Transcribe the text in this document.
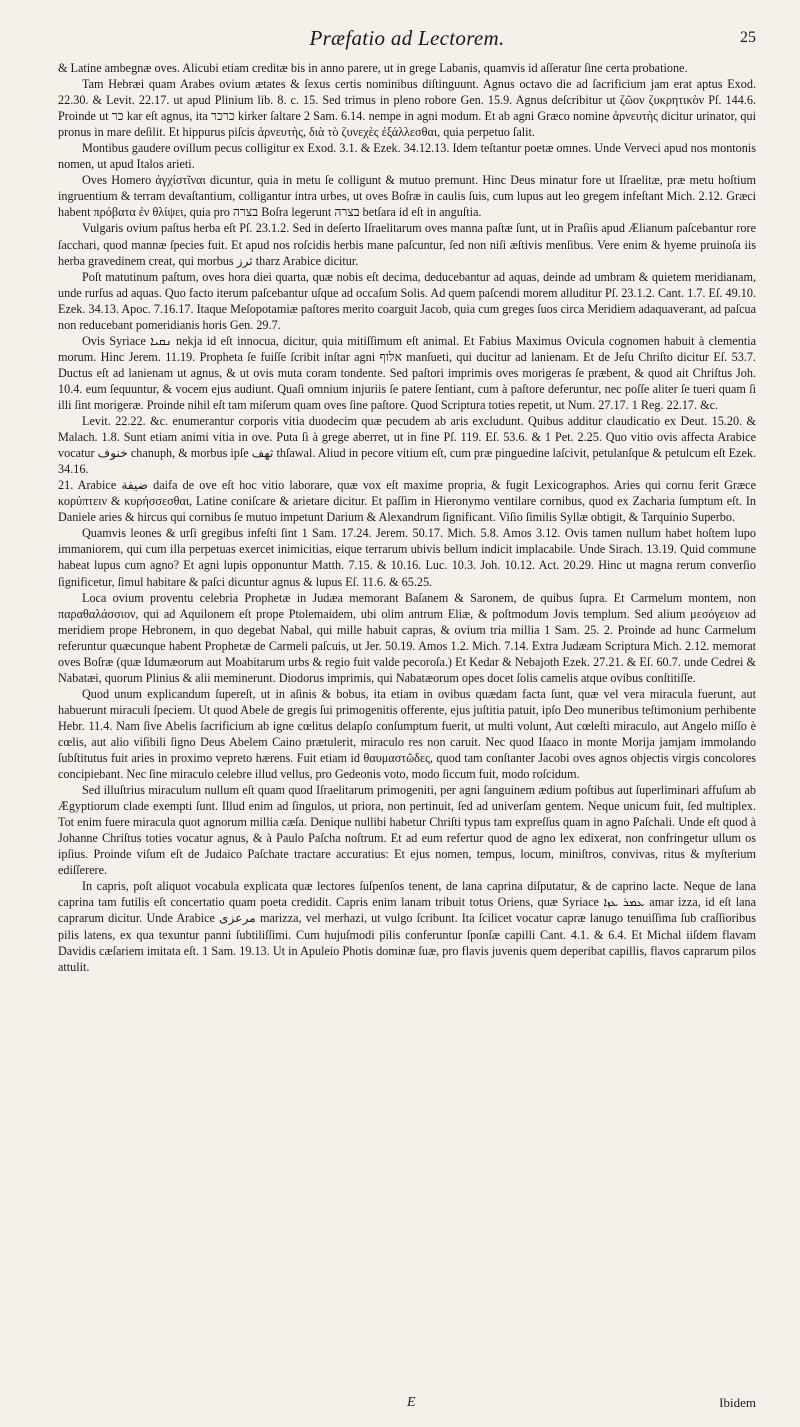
Præfatio ad Lectorem.	25

& Latine ambegnæ oves. Alicubi etiam creditæ bis in anno parere, ut in grege Labanis, quamvis id aſſeratur ſine certa probatione.

Tam Hebræi quam Arabes ovium ætates & ſexus certis nominibus diſtinguunt. Agnus octavo die ad ſacrificium jam erat aptus Exod. 22.30. & Levit. 22.17. ut apud Plinium lib. 8. c. 15. Sed trimus in pleno robore Gen. 15.9. Agnus deſcribitur ut ζῶον ζυκρητικὸν Pſ. 144.6. Proinde ut כר kar eſt agnus, ita כרכר kirker ſaltare 2 Sam. 6.14. nempe in agni modum. Et ab agni Græco nomine ἀρνευτὴς dicitur urinator, qui pronus in mare deſilit. Et hippurus piſcis ἀρνευτὴς, διὰ τὸ ζυνεχὲς ἐξάλλεσθαι, quia perpetuo ſalit.

Montibus gaudere ovillum pecus colligitur ex Exod. 3.1. & Ezek. 34.12.13. Idem teſtantur poetæ omnes. Unde Verveci apud nos montonis nomen, ut apud Italos arieti.

Oves Homero ἀγχίστῖναι dicuntur, quia in metu ſe colligunt & mutuo premunt. Hinc Deus minatur fore ut Iſraelitæ, præ metu hoſtium ingruentium & terram devaſtantium, colligantur intra urbes, ut oves Boſræ in caulis ſuis, cum lupus aut leo gregem infeſtant Mich. 2.12. Græci habent πρόβατα ἐν θλίψει, quia pro בצרה Boſra legerunt בצרה betſara id eſt in anguſtia.

Vulgaris ovium paſtus herba eſt Pſ. 23.1.2. Sed in deſerto Iſraelitarum oves manna paſtæ ſunt, ut in Praſiis apud Ælianum paſcebantur rore ſacchari, quod mannæ ſpecies fuit. Et apud nos roſcidis herbis mane paſcuntur, ſed non niſi æſtivis menſibus. Vere enim & hyeme pruinoſa iis herba gravedinem creat, qui morbus ثرز tharz Arabice dicitur.

Poſt matutinum paſtum, oves hora diei quarta, quæ nobis eſt decima, deducebantur ad aquas, deinde ad umbram & quietem meridianam, unde rurſus ad aquas. Quo facto iterum paſcebantur uſque ad occaſum Solis. Ad quem paſcendi morem alluditur Pſ. 23.1.2. Cant. 1.7. Eſ. 49.10. Ezek. 34.13. Apoc. 7.16.17. Itaque Meſopotamiæ paſtores merito coarguit Jacob, quia cum greges ſuos circa Meridiem adaquaverant, ad paſcua non reducebant pomeridianis horis Gen. 29.7.

Ovis Syriace ܢܩܝܐ nekja id eſt innocua, dicitur, quia mitiſſimum eſt animal. Et Fabius Maximus Ovicula cognomen habuit à clementia morum. Hinc Jerem. 11.19. Propheta ſe fuiſſe ſcribit inſtar agni אלוף manſueti, qui ducitur ad lanienam. Et de Jeſu Chriſto dicitur Eſ. 53.7. Ductus eſt ad lanienam ut agnus, & ut ovis muta coram tondente. Sed paſtori imprimis oves morigeras ſe præbent, & quod ait Chriſtus Joh. 10.4. eum ſequuntur, & vocem ejus audiunt. Quaſi omnium injuriis ſe patere ſentiant, cum à paſtore deferuntur, nec poſſe aliter ſe tueri quam ſi illi ſint morigeræ. Proinde nihil eſt tam miſerum quam oves ſine paſtore. Quod Scriptura toties repetit, ut Num. 27.17. 1 Reg. 22.17. &c.

Levit. 22.22. &c. enumerantur corporis vitia duodecim quæ pecudem ab aris excludunt. Quibus additur claudicatio ex Deut. 15.20. & Malach. 1.8. Sunt etiam animi vitia in ove. Puta ſi à grege aberret, ut in fine Pſ. 119. Eſ. 53.6. & 1 Pet. 2.25. Quo vitio ovis affecta Arabice vocatur خنوف chanuph, & morbus ipſe ثهف thſawal. Aliud in pecore vitium eſt, cum præ pinguedine laſcivit, petulanſque & petulcum eſt Ezek. 34.16.

21. Arabice ضيفة daifa de ove eſt hoc vitio laborare, quæ vox eſt maxime propria, & fugit Lexicographos. Aries qui cornu ferit Græce κορύπτειν & κυρήσσεσθαι, Latine coniſcare & arietare dicitur. Et paſſim in Hieronymo ventilare cornibus, quod ex Zacharia ſumptum eſt. In Daniele aries & hircus qui cornibus ſe mutuo impetunt Darium & Alexandrum ſignificant. Viſio ſimilis Syllæ obtigit, & Tarquinio Superbo.

Quamvis leones & urſi gregibus infeſti ſint 1 Sam. 17.24. Jerem. 50.17. Mich. 5.8. Amos 3.12. Ovis tamen nullum habet hoſtem lupo immaniorem, qui cum illa perpetuas exercet inimicitias, eique terrarum ubivis bellum indicit implacabile. Unde Sirach. 13.19. Quid commune habeat lupus cum agno? Et agni lupis opponuntur Matth. 7.15. & 10.16. Luc. 10.3. Joh. 10.12. Act. 20.29. Hinc ut magna rerum converſio ſignificetur, ſimul habitare & paſci dicuntur agnus & lupus Eſ. 11.6. & 65.25.

Loca ovium proventu celebria Prophetæ in Judæa memorant Baſanem & Saronem, de quibus ſupra. Et Carmelum montem, non παραθαλάσσιον, qui ad Aquilonem eſt prope Ptolemaidem, ubi olim antrum Eliæ, & poſtmodum Jovis templum. Sed alium μεσόγειον ad meridiem prope Hebronem, in quo degebat Nabal, qui mille habuit capras, & ovium tria millia 1 Sam. 25. 2. Proinde ad hunc Carmelum referuntur quæcunque habent Prophetæ de Carmeli paſcuis, ut Jer. 50.19. Amos 1.2. Mich. 7.14. Extra Judæam Scriptura Mich. 2.12. memorat oves Boſræ (quæ Idumæorum aut Moabitarum urbs & regio fuit valde pecoroſa.) Et Kedar & Nebajoth Ezek. 27.21. & Eſ. 60.7. unde Cedrei & Nabatæi, quorum Plinius & alii meminerunt. Diodorus imprimis, qui Nabatæorum opes docet ſolis camelis atque ovibus conſtitiſſe.

Quod unum explicandum ſupereſt, ut in aſinis & bobus, ita etiam in ovibus quædam facta ſunt, quæ vel vera miracula fuerunt, aut habuerunt miraculi ſpeciem. Ut quod Abele de gregis ſui primogenitis offerente, ejus juſtitia patuit, ipſo Deo muneribus teſtimonium perhibente Hebr. 11.4. Nam ſive Abelis ſacrificium ab igne cœlitus delapſo conſumptum fuerit, ut multi volunt, Aut cœleſti miraculo, aut Angelo miſſo è cœlis, aut alio viſibili ſigno Deus Abelem Caino prætulerit, miraculo res non caruit. Nec quod Iſaaco in monte Morija jamjam immolando ſubſtitutus fuit aries in proximo vepreto hærens. Fuit etiam id θαυμαστῶδες, quod tam conſtanter Jacobi oves agnos objectis virgis concolores concipiebant. Nec ſine miraculo celebre illud vellus, pro Gedeonis voto, modo ſiccum fuit, modo roſcidum.

Sed illuſtrius miraculum nullum eſt quam quod Iſraelitarum primogeniti, per agni ſanguinem ædium poſtibus aut ſuperliminari affuſum ab Ægyptiorum clade exempti ſunt. Illud enim ad ſingulos, ut priora, non pertinuit, ſed ad univerſam gentem. Neque unicum fuit, ſed multiplex. Tot enim fuere miracula quot agnorum millia cæſa. Denique nullibi habetur Chriſti typus tam expreſſus quam in agno Paſchali. Unde eſt quod à Johanne Chriſtus toties vocatur agnus, & à Paulo Paſcha noſtrum. Et ad eum refertur quod de agno lex edixerat, non confringetur ullum os ipſius. Proinde viſum eſt de Judaico Paſchate tractare accuratius: Et ejus nomen, tempus, locum, miniſtros, convivas, ritus & myſterium ediſſerere.

In capris, poſt aliquot vocabula explicata quæ lectores ſuſpenſos tenent, de lana caprina diſputatur, & de caprino lacte. Neque de lana caprina tam futilis eſt concertatio quam poeta credidit. Capris enim lanam tribuit totus Oriens, quæ Syriace ܥܡܪ ܥܙܐ amar izza, id eſt lana caprarum dicitur. Unde Arabice مرعزى marizza, vel merhazi, ut vulgo ſcribunt. Ita ſcilicet vocatur capræ lanugo tenuiſſima ſub craſſioribus pilis latens, ex qua texuntur panni ſubtiliſſimi. Cum hujuſmodi pilis conferuntur ſponſæ capilli Cant. 4.1. & 6.4. Et Michal iiſdem flavam Davidis cæſariem imitata eſt. 1 Sam. 19.13. Ut in Apuleio Photis dominæ ſuæ, pro flavis juvenis quem deperibat capillis, flavos caprarum pilos attulit.

E	Ibidem
